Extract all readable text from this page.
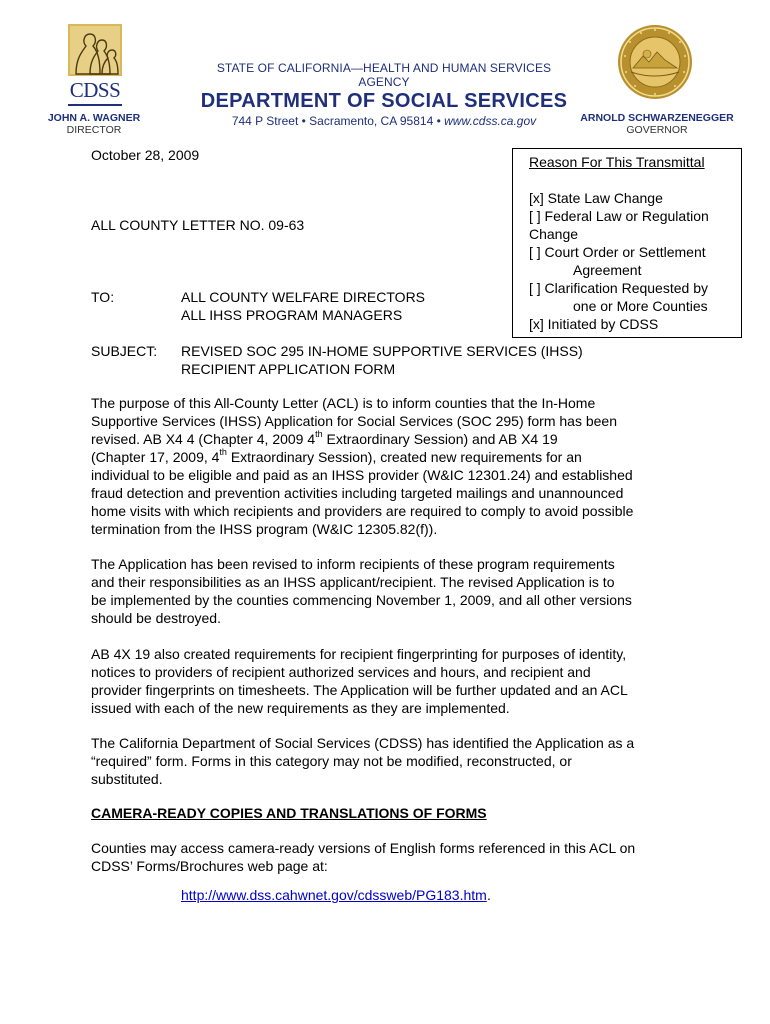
CDSS
JOHN A. WAGNER
DIRECTOR
STATE OF CALIFORNIA—HEALTH AND HUMAN SERVICES AGENCY
DEPARTMENT OF SOCIAL SERVICES
744 P Street • Sacramento, CA 95814 • www.cdss.ca.gov	ARNOLD SCHWARZENEGGER
GOVERNOR
October 28, 2009
ALL COUNTY LETTER NO. 09-63
TO:	ALL COUNTY WELFARE DIRECTORS
ALL IHSS PROGRAM MANAGERS
SUBJECT: REVISED SOC 295 IN-HOME SUPPORTIVE SERVICES (IHSS)
RECIPIENT APPLICATION FORM
Reason For This Transmittal
[x] State Law Change
[ ] Federal Law or Regulation
Change
[ ] Court Order or Settlement
Agreement
[ ] Clarification Requested by
one or More Counties
[x] Initiated by CDSS
The purpose of this All-County Letter (ACL) is to inform counties that the In-Home
Supportive Services (IHSS) Application for Social Services (SOC 295) form has been
revised. AB X4 4 (Chapter 4, 2009 4th Extraordinary Session) and AB X4 19
(Chapter 17, 2009, 4th Extraordinary Session), created new requirements for an
individual to be eligible and paid as an IHSS provider (W&IC 12301.24) and established
fraud detection and prevention activities including targeted mailings and unannounced
home visits with which recipients and providers are required to comply to avoid possible
termination from the IHSS program (W&IC 12305.82(f)).
The Application has been revised to inform recipients of these program requirements
and their responsibilities as an IHSS applicant/recipient. The revised Application is to
be implemented by the counties commencing November 1, 2009, and all other versions
should be destroyed.
AB 4X 19 also created requirements for recipient fingerprinting for purposes of identity,
notices to providers of recipient authorized services and hours, and recipient and
provider fingerprints on timesheets. The Application will be further updated and an ACL
issued with each of the new requirements as they are implemented.
The California Department of Social Services (CDSS) has identified the Application as a
“required” form. Forms in this category may not be modified, reconstructed, or
substituted.
CAMERA-READY COPIES AND TRANSLATIONS OF FORMS
Counties may access camera-ready versions of English forms referenced in this ACL on
CDSS’ Forms/Brochures web page at:
http://www.dss.cahwnet.gov/cdssweb/PG183.htm .
